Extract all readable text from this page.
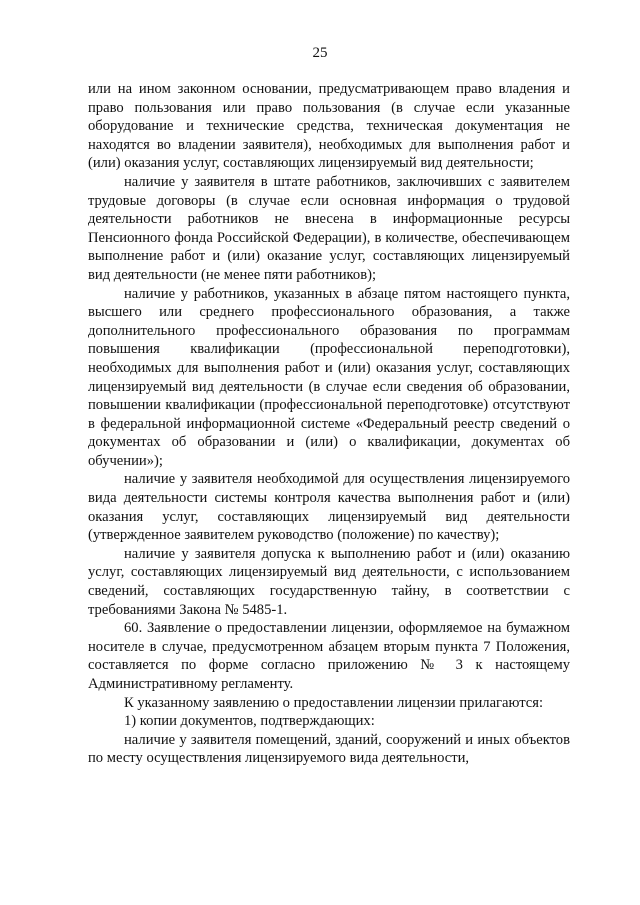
25

или на ином законном основании, предусматривающем право владения и право пользования или право пользования (в случае если указанные оборудование и технические средства, техническая документация не находятся во владении заявителя), необходимых для выполнения работ и (или) оказания услуг, составляющих лицензируемый вид деятельности;

наличие у заявителя в штате работников, заключивших с заявителем трудовые договоры (в случае если основная информация о трудовой деятельности работников не внесена в информационные ресурсы Пенсионного фонда Российской Федерации), в количестве, обеспечивающем выполнение работ и (или) оказание услуг, составляющих лицензируемый вид деятельности (не менее пяти работников);

наличие у работников, указанных в абзаце пятом настоящего пункта, высшего или среднего профессионального образования, а также дополнительного профессионального образования по программам повышения квалификации (профессиональной переподготовки), необходимых для выполнения работ и (или) оказания услуг, составляющих лицензируемый вид деятельности (в случае если сведения об образовании, повышении квалификации (профессиональной переподготовке) отсутствуют в федеральной информационной системе «Федеральный реестр сведений о документах об образовании и (или) о квалификации, документах об обучении»);

наличие у заявителя необходимой для осуществления лицензируемого вида деятельности системы контроля качества выполнения работ и (или) оказания услуг, составляющих лицензируемый вид деятельности (утвержденное заявителем руководство (положение) по качеству);

наличие у заявителя допуска к выполнению работ и (или) оказанию услуг, составляющих лицензируемый вид деятельности, с использованием сведений, составляющих государственную тайну, в соответствии с требованиями Закона № 5485-1.

60. Заявление о предоставлении лицензии, оформляемое на бумажном носителе в случае, предусмотренном абзацем вторым пункта 7 Положения, составляется по форме согласно приложению № 3 к настоящему Административному регламенту.

К указанному заявлению о предоставлении лицензии прилагаются:

1) копии документов, подтверждающих:

наличие у заявителя помещений, зданий, сооружений и иных объектов по месту осуществления лицензируемого вида деятельности,
